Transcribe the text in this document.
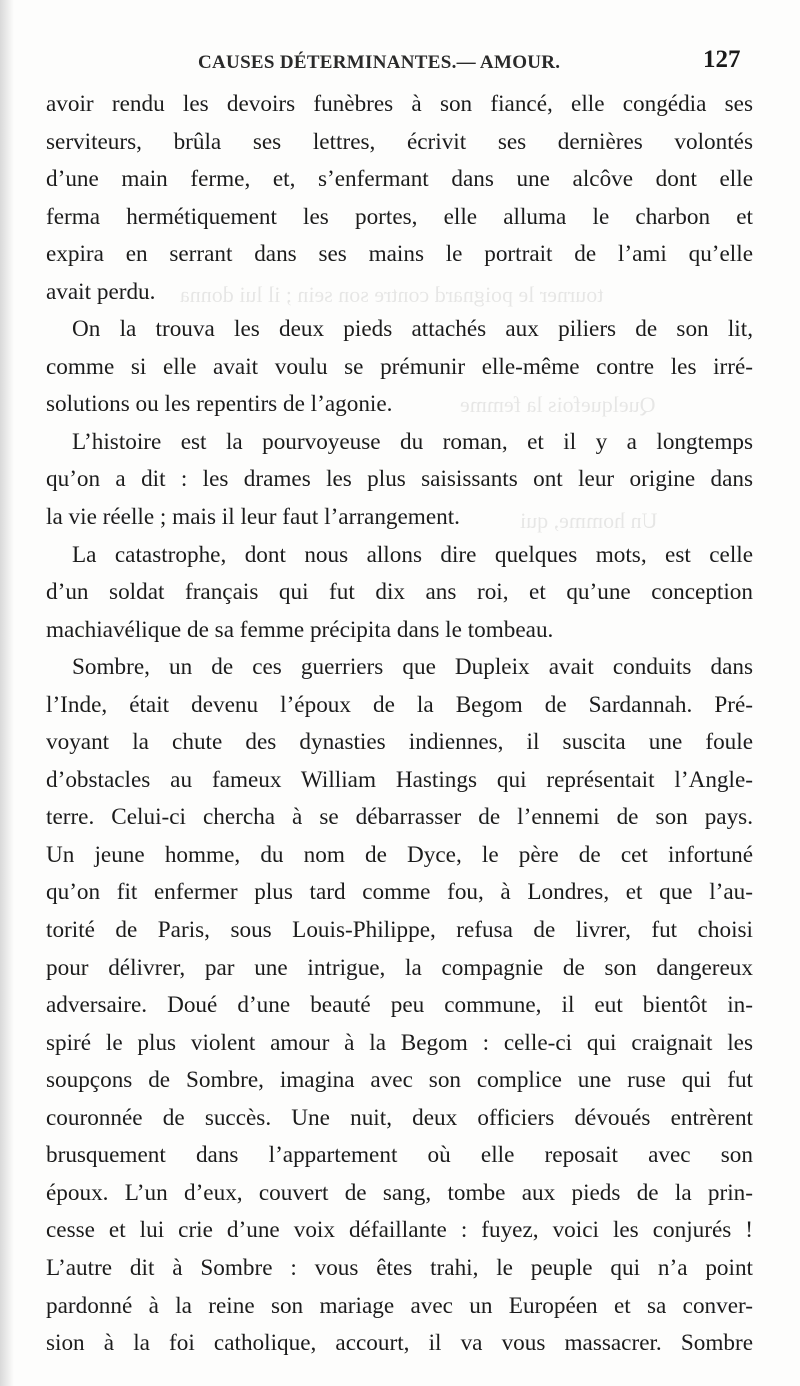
tourner le poignard contre son sein ; il lui donna
Quelquefois la femme
Un homme, qui
CAUSES DÉTERMINANTES.— AMOUR.	127
avoir rendu les devoirs funèbres à son fiancé, elle congédia ses
serviteurs, brûla ses lettres, écrivit ses dernières volontés
d’une main ferme, et, s’enfermant dans une alcôve dont elle
ferma hermétiquement les portes, elle alluma le charbon et
expira en serrant dans ses mains le portrait de l’ami qu’elle
avait perdu.
On la trouva les deux pieds attachés aux piliers de son lit,
comme si elle avait voulu se prémunir elle-même contre les irré-
solutions ou les repentirs de l’agonie.
L’histoire est la pourvoyeuse du roman, et il y a longtemps
qu’on a dit : les drames les plus saisissants ont leur origine dans
la vie réelle ; mais il leur faut l’arrangement.
La catastrophe, dont nous allons dire quelques mots, est celle
d’un soldat français qui fut dix ans roi, et qu’une conception
machiavélique de sa femme précipita dans le tombeau.
Sombre, un de ces guerriers que Dupleix avait conduits dans
l’Inde, était devenu l’époux de la Begom de Sardannah. Pré-
voyant la chute des dynasties indiennes, il suscita une foule
d’obstacles au fameux William Hastings qui représentait l’Angle-
terre. Celui-ci chercha à se débarrasser de l’ennemi de son pays.
Un jeune homme, du nom de Dyce, le père de cet infortuné
qu’on fit enfermer plus tard comme fou, à Londres, et que l’au-
torité de Paris, sous Louis-Philippe, refusa de livrer, fut choisi
pour délivrer, par une intrigue, la compagnie de son dangereux
adversaire. Doué d’une beauté peu commune, il eut bientôt in-
spiré le plus violent amour à la Begom : celle-ci qui craignait les
soupçons de Sombre, imagina avec son complice une ruse qui fut
couronnée de succès. Une nuit, deux officiers dévoués entrèrent
brusquement dans l’appartement où elle reposait avec son
époux. L’un d’eux, couvert de sang, tombe aux pieds de la prin-
cesse et lui crie d’une voix défaillante : fuyez, voici les conjurés !
L’autre dit à Sombre : vous êtes trahi, le peuple qui n’a point
pardonné à la reine son mariage avec un Européen et sa conver-
sion à la foi catholique, accourt, il va vous massacrer. Sombre
